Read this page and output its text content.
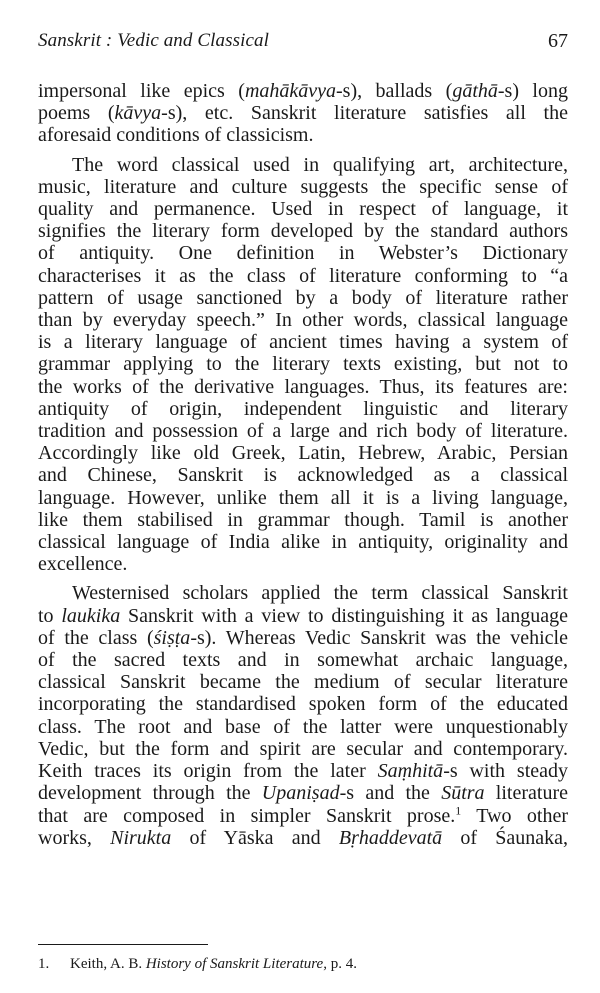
Sanskrit : Vedic and Classical	67

impersonal like epics (mahākāvya-s), ballads (gāthā-s) long
poems (kāvya-s), etc. Sanskrit literature satisfies all the
aforesaid conditions of classicism.

The word classical used in qualifying art, architecture,
music, literature and culture suggests the specific sense of
quality and permanence. Used in respect of language, it
signifies the literary form developed by the standard authors
of antiquity. One definition in Webster’s Dictionary
characterises it as the class of literature conforming to “a
pattern of usage sanctioned by a body of literature rather
than by everyday speech.” In other words, classical language
is a literary language of ancient times having a system of
grammar applying to the literary texts existing, but not to
the works of the derivative languages. Thus, its features are:
antiquity of origin, independent linguistic and literary
tradition and possession of a large and rich body of literature.
Accordingly like old Greek, Latin, Hebrew, Arabic, Persian
and Chinese, Sanskrit is acknowledged as a classical
language. However, unlike them all it is a living language,
like them stabilised in grammar though. Tamil is another
classical language of India alike in antiquity, originality and
excellence.

Westernised scholars applied the term classical Sanskrit
to laukika Sanskrit with a view to distinguishing it as language
of the class (śiṣṭa-s). Whereas Vedic Sanskrit was the vehicle
of the sacred texts and in somewhat archaic language,
classical Sanskrit became the medium of secular literature
incorporating the standardised spoken form of the educated
class. The root and base of the latter were unquestionably
Vedic, but the form and spirit are secular and contemporary.
Keith traces its origin from the later Saṃhitā-s with steady
development through the Upaniṣad-s and the Sūtra literature
that are composed in simpler Sanskrit prose.$^1$ Two other
works, Nirukta of Yāska and Bṛhaddevatā of Śaunaka,

1. Keith, A. B. History of Sanskrit Literature, p. 4.
